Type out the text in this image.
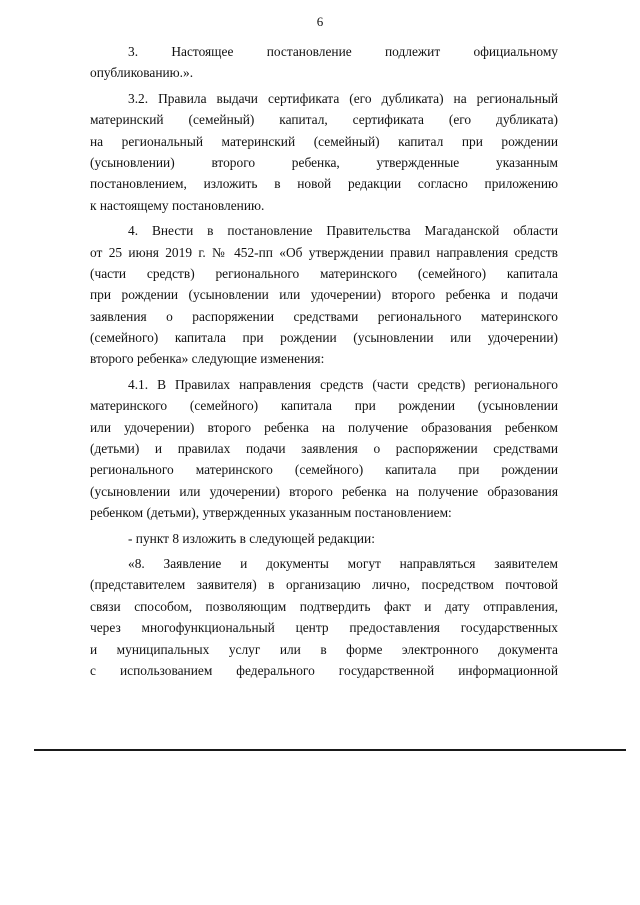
6
3. Настоящее постановление подлежит официальному
опубликованию.».
3.2. Правила выдачи сертификата (его дубликата) на региональный
материнский (семейный) капитал, сертификата (его дубликата)
на региональный материнский (семейный) капитал при рождении
(усыновлении) второго ребенка, утвержденные указанным
постановлением, изложить в новой редакции согласно приложению
к настоящему постановлению.
4. Внести в постановление Правительства Магаданской области
от 25 июня 2019 г. № 452-пп «Об утверждении правил направления средств
(части средств) регионального материнского (семейного) капитала
при рождении (усыновлении или удочерении) второго ребенка и подачи
заявления о распоряжении средствами регионального материнского
(семейного) капитала при рождении (усыновлении или удочерении)
второго ребенка» следующие изменения:
4.1. В Правилах направления средств (части средств) регионального
материнского (семейного) капитала при рождении (усыновлении
или удочерении) второго ребенка на получение образования ребенком
(детьми) и правилах подачи заявления о распоряжении средствами
регионального материнского (семейного) капитала при рождении
(усыновлении или удочерении) второго ребенка на получение образования
ребенком (детьми), утвержденных указанным постановлением:
- пункт 8 изложить в следующей редакции:
«8. Заявление и документы могут направляться заявителем
(представителем заявителя) в организацию лично, посредством почтовой
связи способом, позволяющим подтвердить факт и дату отправления,
через многофункциональный центр предоставления государственных
и муниципальных услуг или в форме электронного документа
с использованием федерального государственной информационной
